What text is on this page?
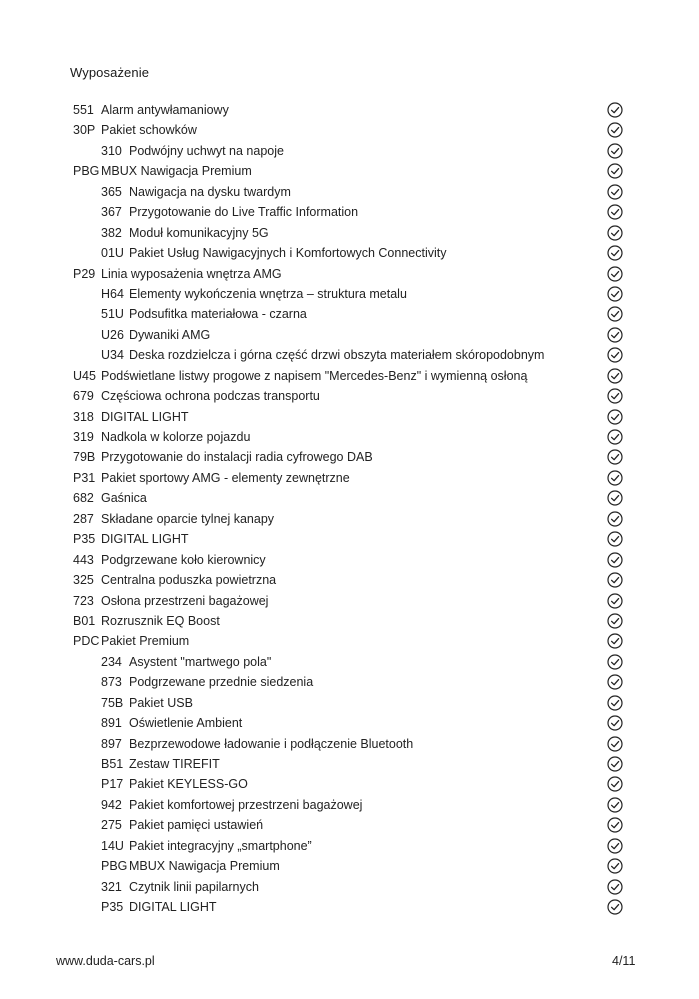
Wyposażenie
551 Alarm antywłamaniowy
30P Pakiet schowków
310 Podwójny uchwyt na napoje
PBG MBUX Nawigacja Premium
365 Nawigacja na dysku twardym
367 Przygotowanie do Live Traffic Information
382 Moduł komunikacyjny 5G
01U Pakiet Usług Nawigacyjnych i Komfortowych Connectivity
P29 Linia wyposażenia wnętrza AMG
H64 Elementy wykończenia wnętrza – struktura metalu
51U Podsufitka materiałowa - czarna
U26 Dywaniki AMG
U34 Deska rozdzielcza i górna część drzwi obszyta materiałem skóropodobnym
U45 Podświetlane listwy progowe z napisem "Mercedes-Benz" i wymienną osłoną
679 Częściowa ochrona podczas transportu
318 DIGITAL LIGHT
319 Nadkola w kolorze pojazdu
79B Przygotowanie do instalacji radia cyfrowego DAB
P31 Pakiet sportowy AMG - elementy zewnętrzne
682 Gaśnica
287 Składane oparcie tylnej kanapy
P35 DIGITAL LIGHT
443 Podgrzewane koło kierownicy
325 Centralna poduszka powietrzna
723 Osłona przestrzeni bagażowej
B01 Rozrusznik EQ Boost
PDC Pakiet Premium
234 Asystent "martwego pola"
873 Podgrzewane przednie siedzenia
75B Pakiet USB
891 Oświetlenie Ambient
897 Bezprzewodowe ładowanie i podłączenie Bluetooth
B51 Zestaw TIREFIT
P17 Pakiet KEYLESS-GO
942 Pakiet komfortowej przestrzeni bagażowej
275 Pakiet pamięci ustawień
14U Pakiet integracyjny „smartphone”
PBG MBUX Nawigacja Premium
321 Czytnik linii papilarnych
P35 DIGITAL LIGHT
www.duda-cars.pl	4/11
